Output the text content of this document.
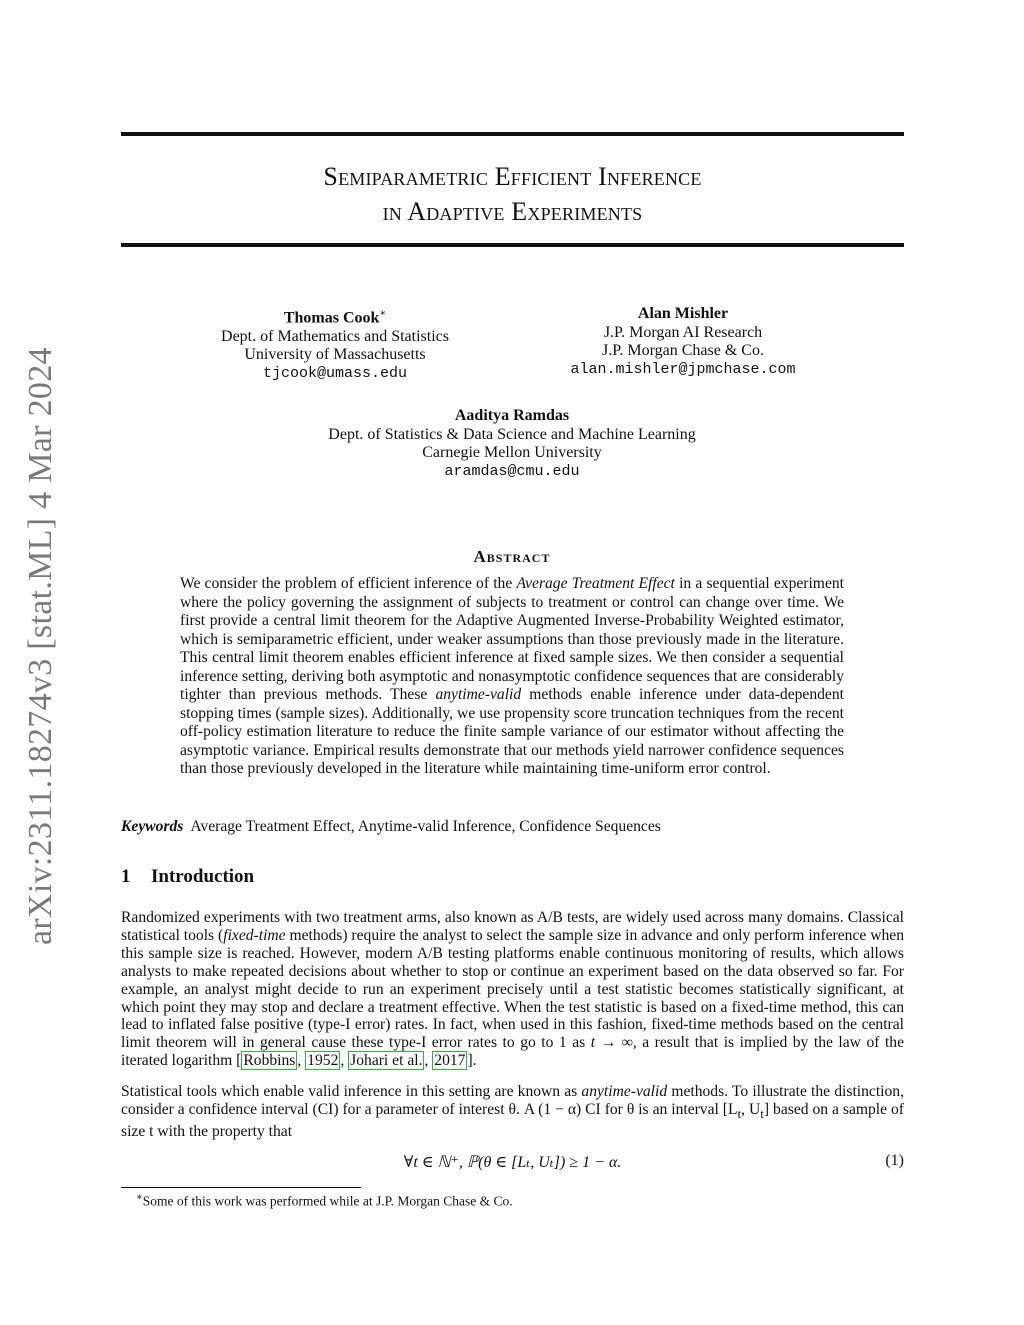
arXiv:2311.18274v3 [stat.ML] 4 Mar 2024
Semiparametric Efficient Inference
in Adaptive Experiments
Thomas Cook∗
Dept. of Mathematics and Statistics
University of Massachusetts
tjcook@umass.edu
Alan Mishler
J.P. Morgan AI Research
J.P. Morgan Chase & Co.
alan.mishler@jpmchase.com
Aaditya Ramdas
Dept. of Statistics & Data Science and Machine Learning
Carnegie Mellon University
aramdas@cmu.edu
Abstract
We consider the problem of efficient inference of the Average Treatment Effect in a sequential experiment where the policy governing the assignment of subjects to treatment or control can change over time. We first provide a central limit theorem for the Adaptive Augmented Inverse-Probability Weighted estimator, which is semiparametric efficient, under weaker assumptions than those previously made in the literature. This central limit theorem enables efficient inference at fixed sample sizes. We then consider a sequential inference setting, deriving both asymptotic and nonasymptotic confidence sequences that are considerably tighter than previous methods. These anytime-valid methods enable inference under data-dependent stopping times (sample sizes). Additionally, we use propensity score truncation techniques from the recent off-policy estimation literature to reduce the finite sample variance of our estimator without affecting the asymptotic variance. Empirical results demonstrate that our methods yield narrower confidence sequences than those previously developed in the literature while maintaining time-uniform error control.
Keywords Average Treatment Effect, Anytime-valid Inference, Confidence Sequences
1 Introduction
Randomized experiments with two treatment arms, also known as A/B tests, are widely used across many domains. Classical statistical tools (fixed-time methods) require the analyst to select the sample size in advance and only perform inference when this sample size is reached. However, modern A/B testing platforms enable continuous monitoring of results, which allows analysts to make repeated decisions about whether to stop or continue an experiment based on the data observed so far. For example, an analyst might decide to run an experiment precisely until a test statistic becomes statistically significant, at which point they may stop and declare a treatment effective. When the test statistic is based on a fixed-time method, this can lead to inflated false positive (type-I error) rates. In fact, when used in this fashion, fixed-time methods based on the central limit theorem will in general cause these type-I error rates to go to 1 as t → ∞, a result that is implied by the law of the iterated logarithm [ Robbins , 1952 , Johari et al. , 2017 ].
Statistical tools which enable valid inference in this setting are known as anytime-valid methods. To illustrate the distinction, consider a confidence interval (CI) for a parameter of interest θ. A (1 − α) CI for θ is an interval [$L_t$, $U_t$] based on a sample of size t with the property that
∀t ∈ ℕ⁺, ℙ(θ ∈ [Lₜ, Uₜ]) ≥ 1 − α.	(1)
∗Some of this work was performed while at J.P. Morgan Chase & Co.
